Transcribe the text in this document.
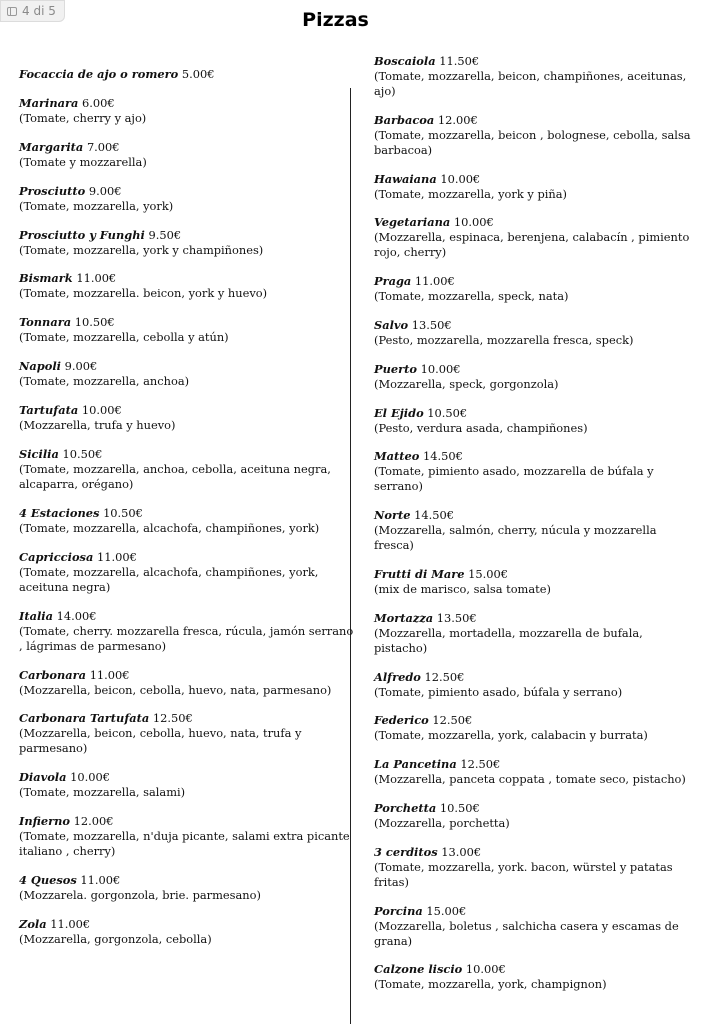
4 di 5	Pizzas
Focaccia de ajo o romero 5.00€
Marinara 6.00€
(Tomate, cherry y ajo)
Margarita 7.00€
(Tomate y mozzarella)
Prosciutto 9.00€
(Tomate, mozzarella, york)
Prosciutto y Funghi 9.50€
(Tomate, mozzarella, york y champiñones)
Bismark 11.00€
(Tomate, mozzarella. beicon, york y huevo)
Tonnara 10.50€
(Tomate, mozzarella, cebolla y atún)
Napoli 9.00€
(Tomate, mozzarella, anchoa)
Tartufata 10.00€
(Mozzarella, trufa y huevo)
Sicilia 10.50€
(Tomate, mozzarella, anchoa, cebolla, aceituna negra, alcaparra, orégano)
4 Estaciones 10.50€
(Tomate, mozzarella, alcachofa, champiñones, york)
Capricciosa 11.00€
(Tomate, mozzarella, alcachofa, champiñones, york, aceituna negra)
Italia 14.00€
(Tomate, cherry. mozzarella fresca, rúcula, jamón serrano , lágrimas de parmesano)
Carbonara 11.00€
(Mozzarella, beicon, cebolla, huevo, nata, parmesano)
Carbonara Tartufata 12.50€
(Mozzarella, beicon, cebolla, huevo, nata, trufa y parmesano)
Diavola 10.00€
(Tomate, mozzarella, salami)
Infierno 12.00€
(Tomate, mozzarella, n'duja picante, salami extra picante italiano , cherry)
4 Quesos 11.00€
(Mozzarela. gorgonzola, brie. parmesano)
Zola 11.00€
(Mozzarella, gorgonzola, cebolla)
Boscaiola 11.50€
(Tomate, mozzarella, beicon, champiñones, aceitunas, ajo)
Barbacoa 12.00€
(Tomate, mozzarella, beicon , bolognese, cebolla, salsa barbacoa)
Hawaiana 10.00€
(Tomate, mozzarella, york y piña)
Vegetariana 10.00€
(Mozzarella, espinaca, berenjena, calabacín , pimiento rojo, cherry)
Praga 11.00€
(Tomate, mozzarella, speck, nata)
Salvo 13.50€
(Pesto, mozzarella, mozzarella fresca, speck)
Puerto 10.00€
(Mozzarella, speck, gorgonzola)
El Ejido 10.50€
(Pesto, verdura asada, champiñones)
Matteo 14.50€
(Tomate, pimiento asado, mozzarella de búfala y serrano)
Norte 14.50€
(Mozzarella, salmón, cherry, núcula y mozzarella fresca)
Frutti di Mare 15.00€
(mix de marisco, salsa tomate)
Mortazza 13.50€
(Mozzarella, mortadella, mozzarella de bufala, pistacho)
Alfredo 12.50€
(Tomate, pimiento asado, búfala y serrano)
Federico 12.50€
(Tomate, mozzarella, york, calabacin y burrata)
La Pancetina 12.50€
(Mozzarella, panceta coppata , tomate seco, pistacho)
Porchetta 10.50€
(Mozzarella, porchetta)
3 cerditos 13.00€
(Tomate, mozzarella, york. bacon, würstel y patatas fritas)
Porcina 15.00€
(Mozzarella, boletus , salchicha casera y escamas de grana)
Calzone liscio 10.00€
(Tomate, mozzarella, york, champignon)
